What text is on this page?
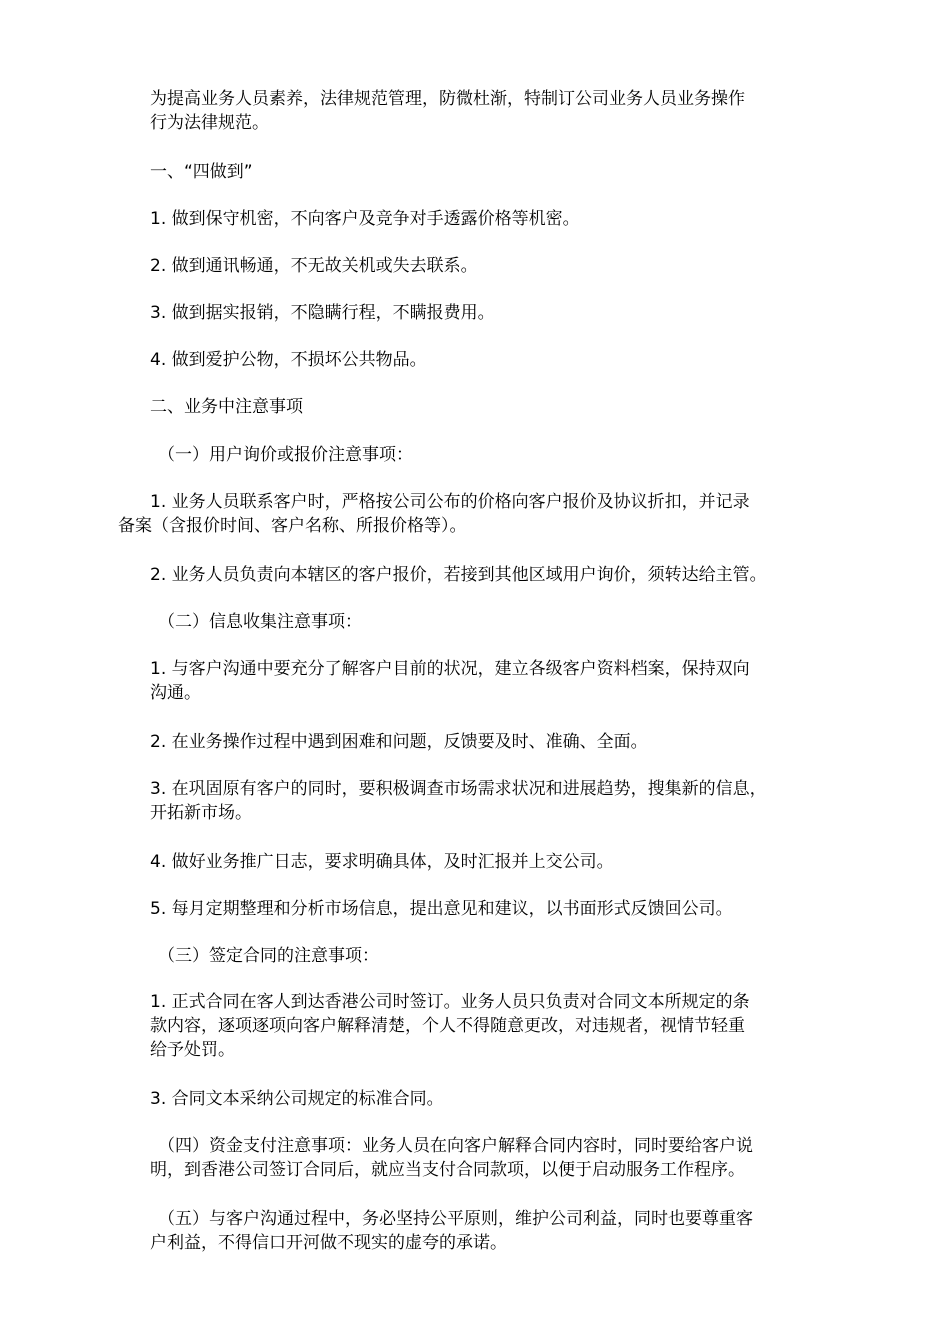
为提高业务人员素养，法律规范管理，防微杜渐，特制订公司业务人员业务操作
行为法律规范。
一、“四做到”
1. 做到保守机密，不向客户及竞争对手透露价格等机密。
2. 做到通讯畅通，不无故关机或失去联系。
3. 做到据实报销，不隐瞒行程，不瞒报费用。
4. 做到爱护公物，不损坏公共物品。
二、业务中注意事项
（一）用户询价或报价注意事项：
1. 业务人员联系客户时，严格按公司公布的价格向客户报价及协议折扣，并记录
备案（含报价时间、客户名称、所报价格等）。
2. 业务人员负责向本辖区的客户报价，若接到其他区域用户询价，须转达给主管。
（二）信息收集注意事项：
1. 与客户沟通中要充分了解客户目前的状况，建立各级客户资料档案，保持双向
沟通。
2. 在业务操作过程中遇到困难和问题，反馈要及时、准确、全面。
3. 在巩固原有客户的同时，要积极调查市场需求状况和进展趋势，搜集新的信息，
开拓新市场。
4. 做好业务推广日志，要求明确具体，及时汇报并上交公司。
5. 每月定期整理和分析市场信息，提出意见和建议，以书面形式反馈回公司。
（三）签定合同的注意事项：
1. 正式合同在客人到达香港公司时签订。业务人员只负责对合同文本所规定的条
款内容，逐项逐项向客户解释清楚，个人不得随意更改，对违规者，视情节轻重
给予处罚。
3. 合同文本采纳公司规定的标准合同。
（四）资金支付注意事项：业务人员在向客户解释合同内容时，同时要给客户说
明，到香港公司签订合同后，就应当支付合同款项，以便于启动服务工作程序。
（五）与客户沟通过程中，务必坚持公平原则，维护公司利益，同时也要尊重客
户利益，不得信口开河做不现实的虚夸的承诺。
